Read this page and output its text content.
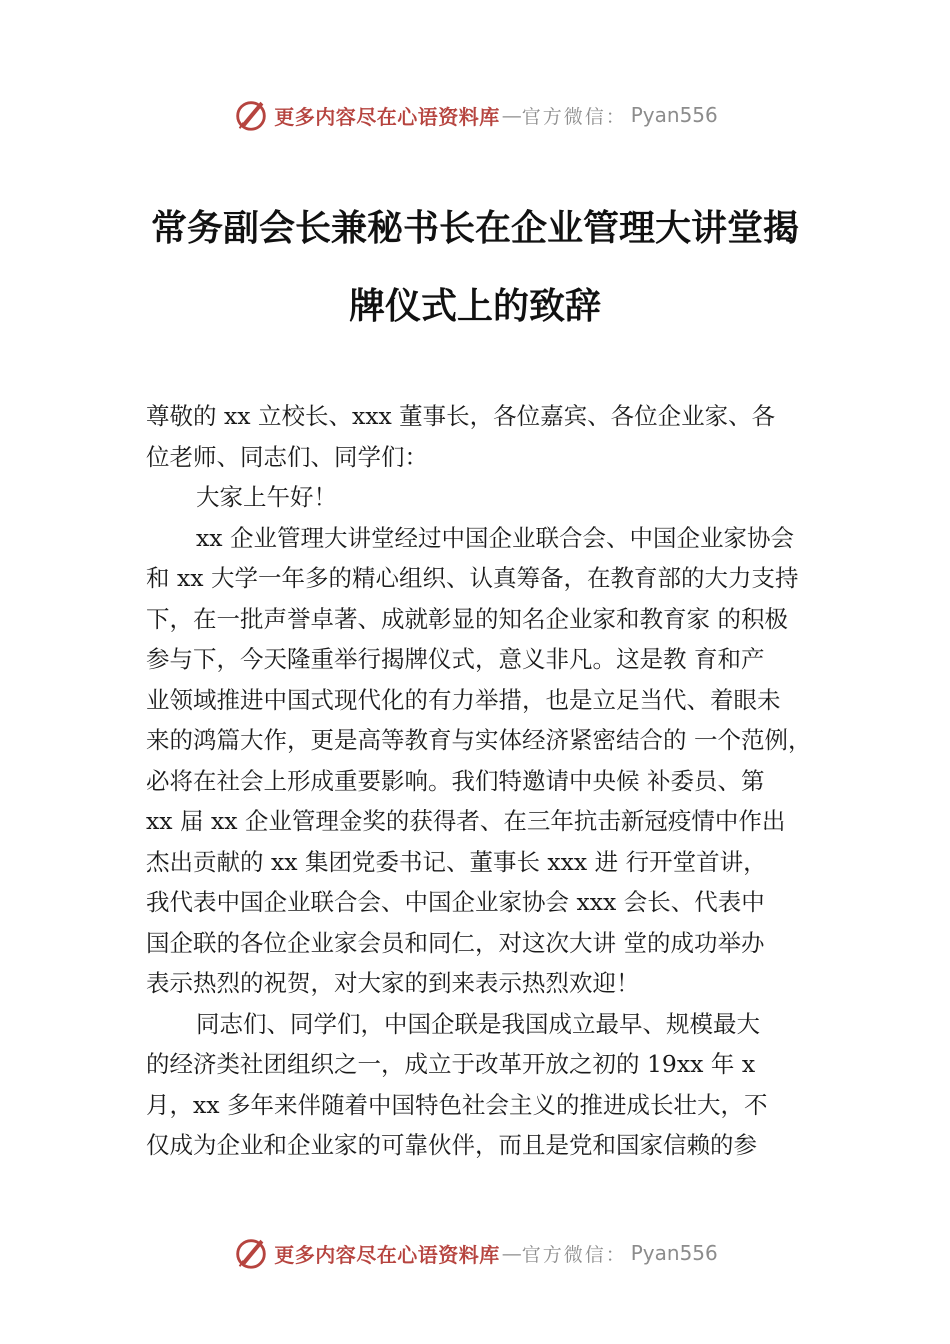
更多内容尽在心语资料库 — 官方微信： Pyan556
常务副会长兼秘书长在企业管理大讲堂揭
牌仪式上的致辞
尊敬的 xx 立校长、xxx 董事长，各位嘉宾、各位企业家、各
位老师、同志们、同学们：
大家上午好！
xx 企业管理大讲堂经过中国企业联合会、中国企业家协会
和 xx 大学一年多的精心组织、认真筹备，在教育部的大力支持
下，在一批声誉卓著、成就彰显的知名企业家和教育家 的积极
参与下，今天隆重举行揭牌仪式，意义非凡。这是教 育和产
业领域推进中国式现代化的有力举措，也是立足当代、着眼未
来的鸿篇大作，更是高等教育与实体经济紧密结合的 一个范例，
必将在社会上形成重要影响。我们特邀请中央候 补委员、第
xx 届 xx 企业管理金奖的获得者、在三年抗击新冠疫情中作出
杰出贡献的 xx 集团党委书记、董事长 xxx 进 行开堂首讲，
我代表中国企业联合会、中国企业家协会 xxx 会长、代表中
国企联的各位企业家会员和同仁，对这次大讲 堂的成功举办
表示热烈的祝贺，对大家的到来表示热烈欢迎！
同志们、同学们，中国企联是我国成立最早、规模最大
的经济类社团组织之一，成立于改革开放之初的 19xx 年 x
月，xx 多年来伴随着中国特色社会主义的推进成长壮大，不
仅成为企业和企业家的可靠伙伴，而且是党和国家信赖的参
更多内容尽在心语资料库 — 官方微信： Pyan556
